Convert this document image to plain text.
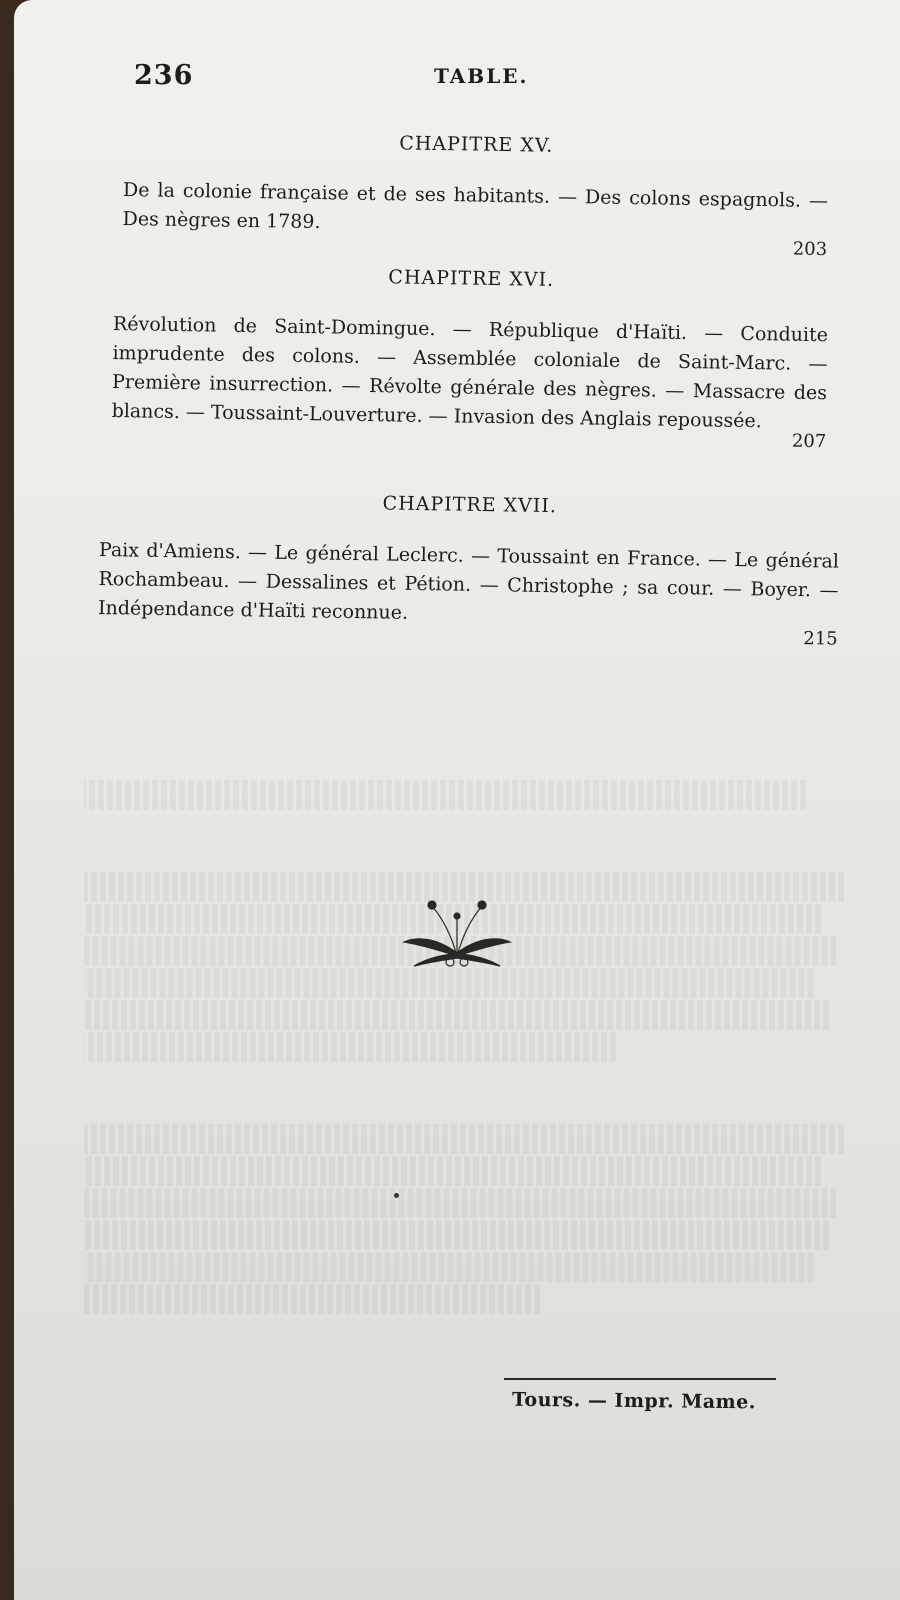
236	TABLE.
CHAPITRE XV.
De la colonie française et de ses habitants. — Des colons espagnols. — Des nègres en 1789.
203
CHAPITRE XVI.
Révolution de Saint-Domingue. — République d'Haïti. — Conduite imprudente des colons. — Assemblée coloniale de Saint-Marc. — Première insurrection. — Révolte générale des nègres. — Massacre des blancs. — Toussaint-Louverture. — Invasion des Anglais repoussée.
207
CHAPITRE XVII.
Paix d'Amiens. — Le général Leclerc. — Toussaint en France. — Le général Rochambeau. — Dessalines et Pétion. — Christophe ; sa cour. — Boyer. — Indépendance d'Haïti reconnue.
215
Tours. — Impr. Mame.
